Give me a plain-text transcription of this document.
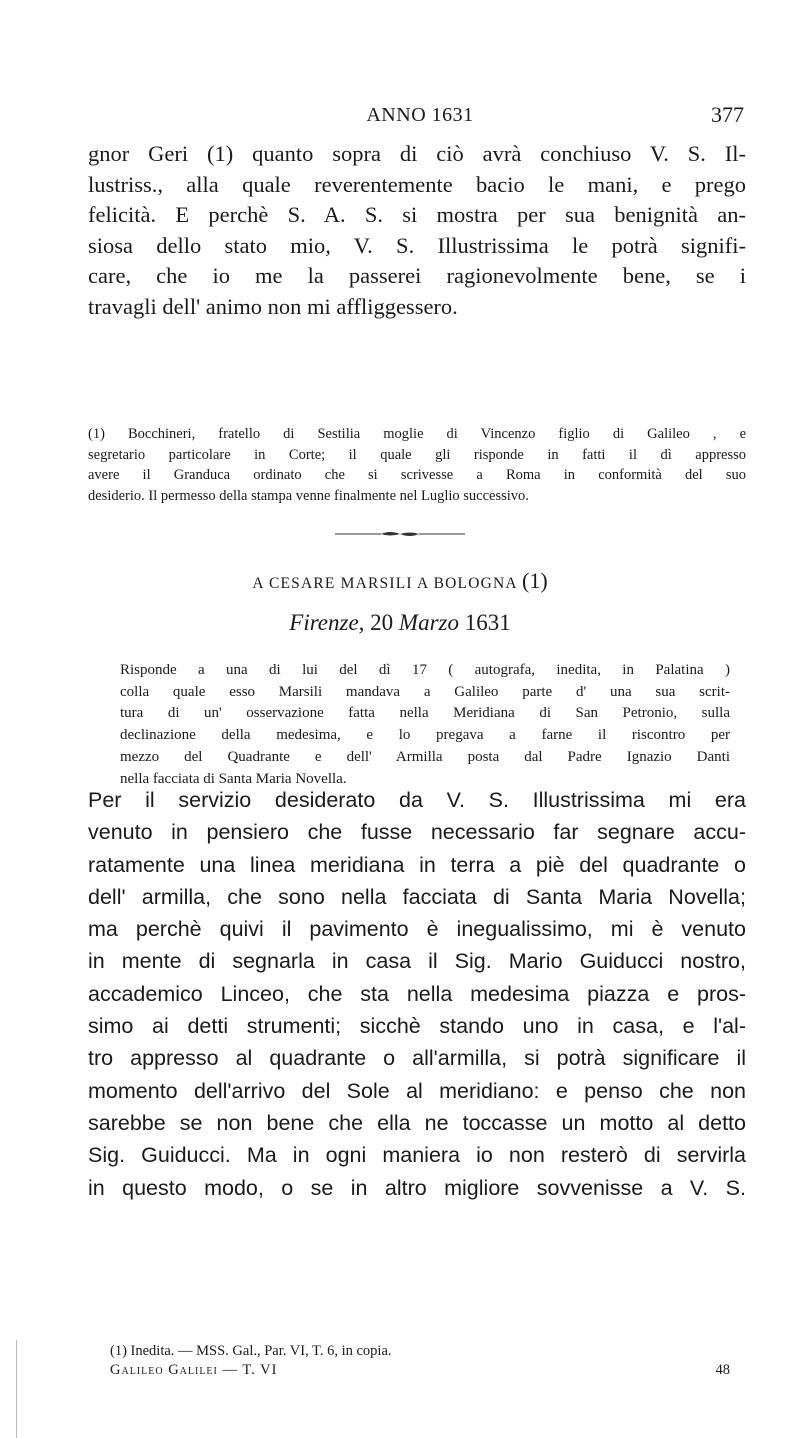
ANNO 1631	377
gnor Geri (1) quanto sopra di ciò avrà conchiuso V. S. Il-
lustriss., alla quale reverentemente bacio le mani, e prego
felicità. E perchè S. A. S. si mostra per sua benignità an-
siosa dello stato mio, V. S. Illustrissima le potrà signifi-
care, che io me la passerei ragionevolmente bene, se i
travagli dell' animo non mi affliggessero.
(1) Bocchineri, fratello di Sestilia moglie di Vincenzo figlio di Galileo , e
segretario particolare in Corte; il quale gli risponde in fatti il dì appresso
avere il Granduca ordinato che si scrivesse a Roma in conformità del suo
desiderio. Il permesso della stampa venne finalmente nel Luglio successivo.
A CESARE MARSILI A BOLOGNA (1)
Firenze, 20 Marzo 1631
Risponde a una di lui del dì 17 ( autografa, inedita, in Palatina )
colla quale esso Marsili mandava a Galileo parte d' una sua scrit-
tura di un' osservazione fatta nella Meridiana di San Petronio, sulla
declinazione della medesima, e lo pregava a farne il riscontro per
mezzo del Quadrante e dell' Armilla posta dal Padre Ignazio Danti
nella facciata di Santa Maria Novella.
Per il servizio desiderato da V. S. Illustrissima mi era
venuto in pensiero che fusse necessario far segnare accu-
ratamente una linea meridiana in terra a piè del quadrante o
dell' armilla, che sono nella facciata di Santa Maria Novella;
ma perchè quivi il pavimento è inegualissimo, mi è venuto
in mente di segnarla in casa il Sig. Mario Guiducci nostro,
accademico Linceo, che sta nella medesima piazza e pros-
simo ai detti strumenti; sicchè stando uno in casa, e l'al-
tro appresso al quadrante o all'armilla, si potrà significare il
momento dell'arrivo del Sole al meridiano: e penso che non
sarebbe se non bene che ella ne toccasse un motto al detto
Sig. Guiducci. Ma in ogni maniera io non resterò di servirla
in questo modo, o se in altro migliore sovvenisse a V. S.
(1) Inedita. — MSS. Gal., Par. VI, T. 6, in copia.
Galileo Galilei — T. VI	48
